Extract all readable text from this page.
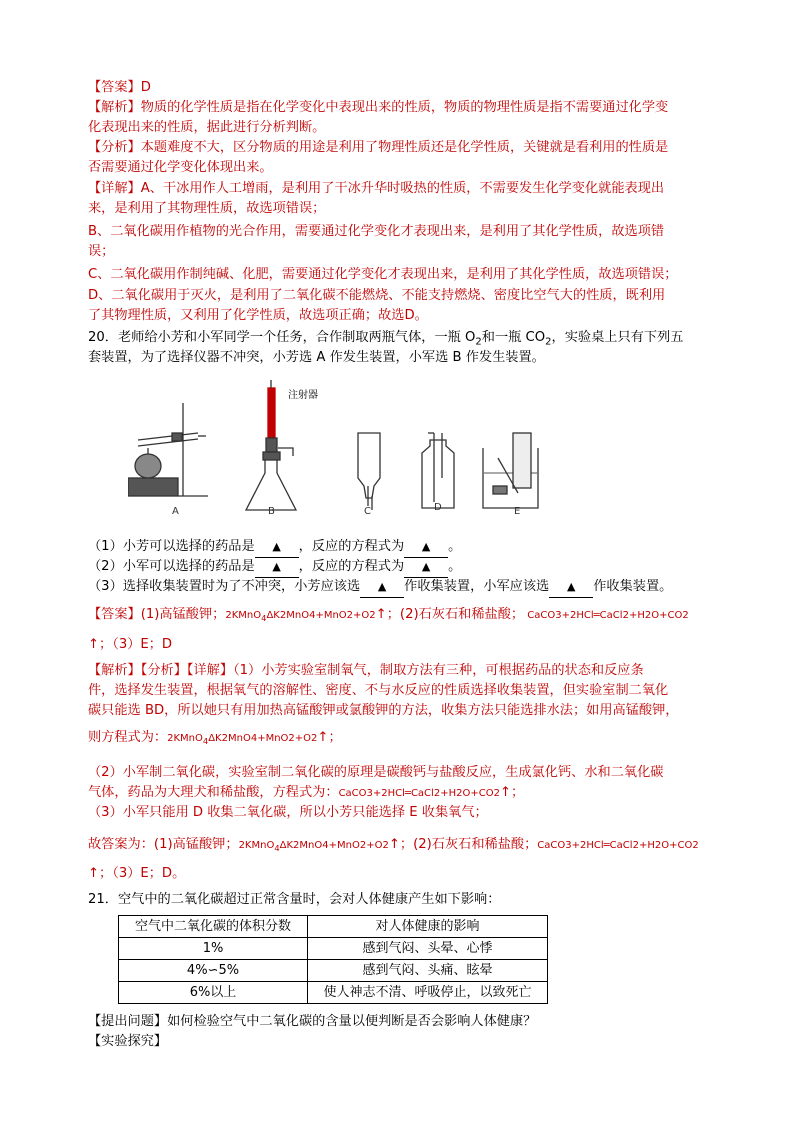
【答案】D
【解析】物质的化学性质是指在化学变化中表现出来的性质，物质的物理性质是指不需要通过化学变
化表现出来的性质，据此进行分析判断。
【分析】本题难度不大，区分物质的用途是利用了物理性质还是化学性质，关键就是看利用的性质是
否需要通过化学变化体现出来。
【详解】A、干冰用作人工增雨，是利用了干冰升华时吸热的性质，不需要发生化学变化就能表现出
来，是利用了其物理性质，故选项错误；
B、二氧化碳用作植物的光合作用，需要通过化学变化才表现出来，是利用了其化学性质，故选项错
误；
C、二氧化碳用作制纯碱、化肥，需要通过化学变化才表现出来，是利用了其化学性质，故选项错误；
D、二氧化碳用于灭火，是利用了二氧化碳不能燃烧、不能支持燃烧、密度比空气大的性质，既利用
了其物理性质，又利用了化学性质，故选项正确；故选D。
20．老师给小芳和小军同学一个任务，合作制取两瓶气体，一瓶 $O_2$和一瓶 $CO_2$，实验桌上只有下列五
套装置，为了选择仪器不冲突，小芳选 A 作发生装置，小军选 B 作发生装置。
注射器
A	B	C	D	E
（1）小芳可以选择的药品是 ▲ ，反应的方程式为 ▲ 。
（2）小军可以选择的药品是 ▲ ，反应的方程式为 ▲ 。
（3）选择收集装置时为了不冲突，小芳应该选 ▲ 作收集装置，小军应该选 ▲ 作收集装置。
【答案】(1)高锰酸钾；2KMnO$_4$ΔK2MnO4+MnO2+O2↑；(2)石灰石和稀盐酸； CaCO3+2HCl═CaCl2+H2O+CO2
↑；（3）E；D
【解析】【分析】【详解】（1）小芳实验室制氧气，制取方法有三种，可根据药品的状态和反应条
件，选择发生装置，根据氧气的溶解性、密度、不与水反应的性质选择收集装置，但实验室制二氧化
碳只能选 BD，所以她只有用加热高锰酸钾或氯酸钾的方法，收集方法只能选排水法；如用高锰酸钾，
则方程式为：2KMnO$_4$ΔK2MnO4+MnO2+O2↑；
（2）小军制二氧化碳，实验室制二氧化碳的原理是碳酸钙与盐酸反应，生成氯化钙、水和二氧化碳
气体，药品为大理犬和稀盐酸，方程式为：CaCO3+2HCl═CaCl2+H2O+CO2↑；
（3）小军只能用 D 收集二氧化碳，所以小芳只能选择 E 收集氧气；
故答案为：(1)高锰酸钾；2KMnO$_4$ΔK2MnO4+MnO2+O2↑；(2)石灰石和稀盐酸；CaCO3+2HCl═CaCl2+H2O+CO2
↑；（3）E；D。
21．空气中的二氧化碳超过正常含量时，会对人体健康产生如下影响：
空气中二氧化碳的体积分数	对人体健康的影响
1%	感到气闷、头晕、心悸
4%∽5%	感到气闷、头痛、眩晕
6%以上	使人神志不清、呼吸停止，以致死亡
【提出问题】如何检验空气中二氧化碳的含量以便判断是否会影响人体健康？
【实验探究】
